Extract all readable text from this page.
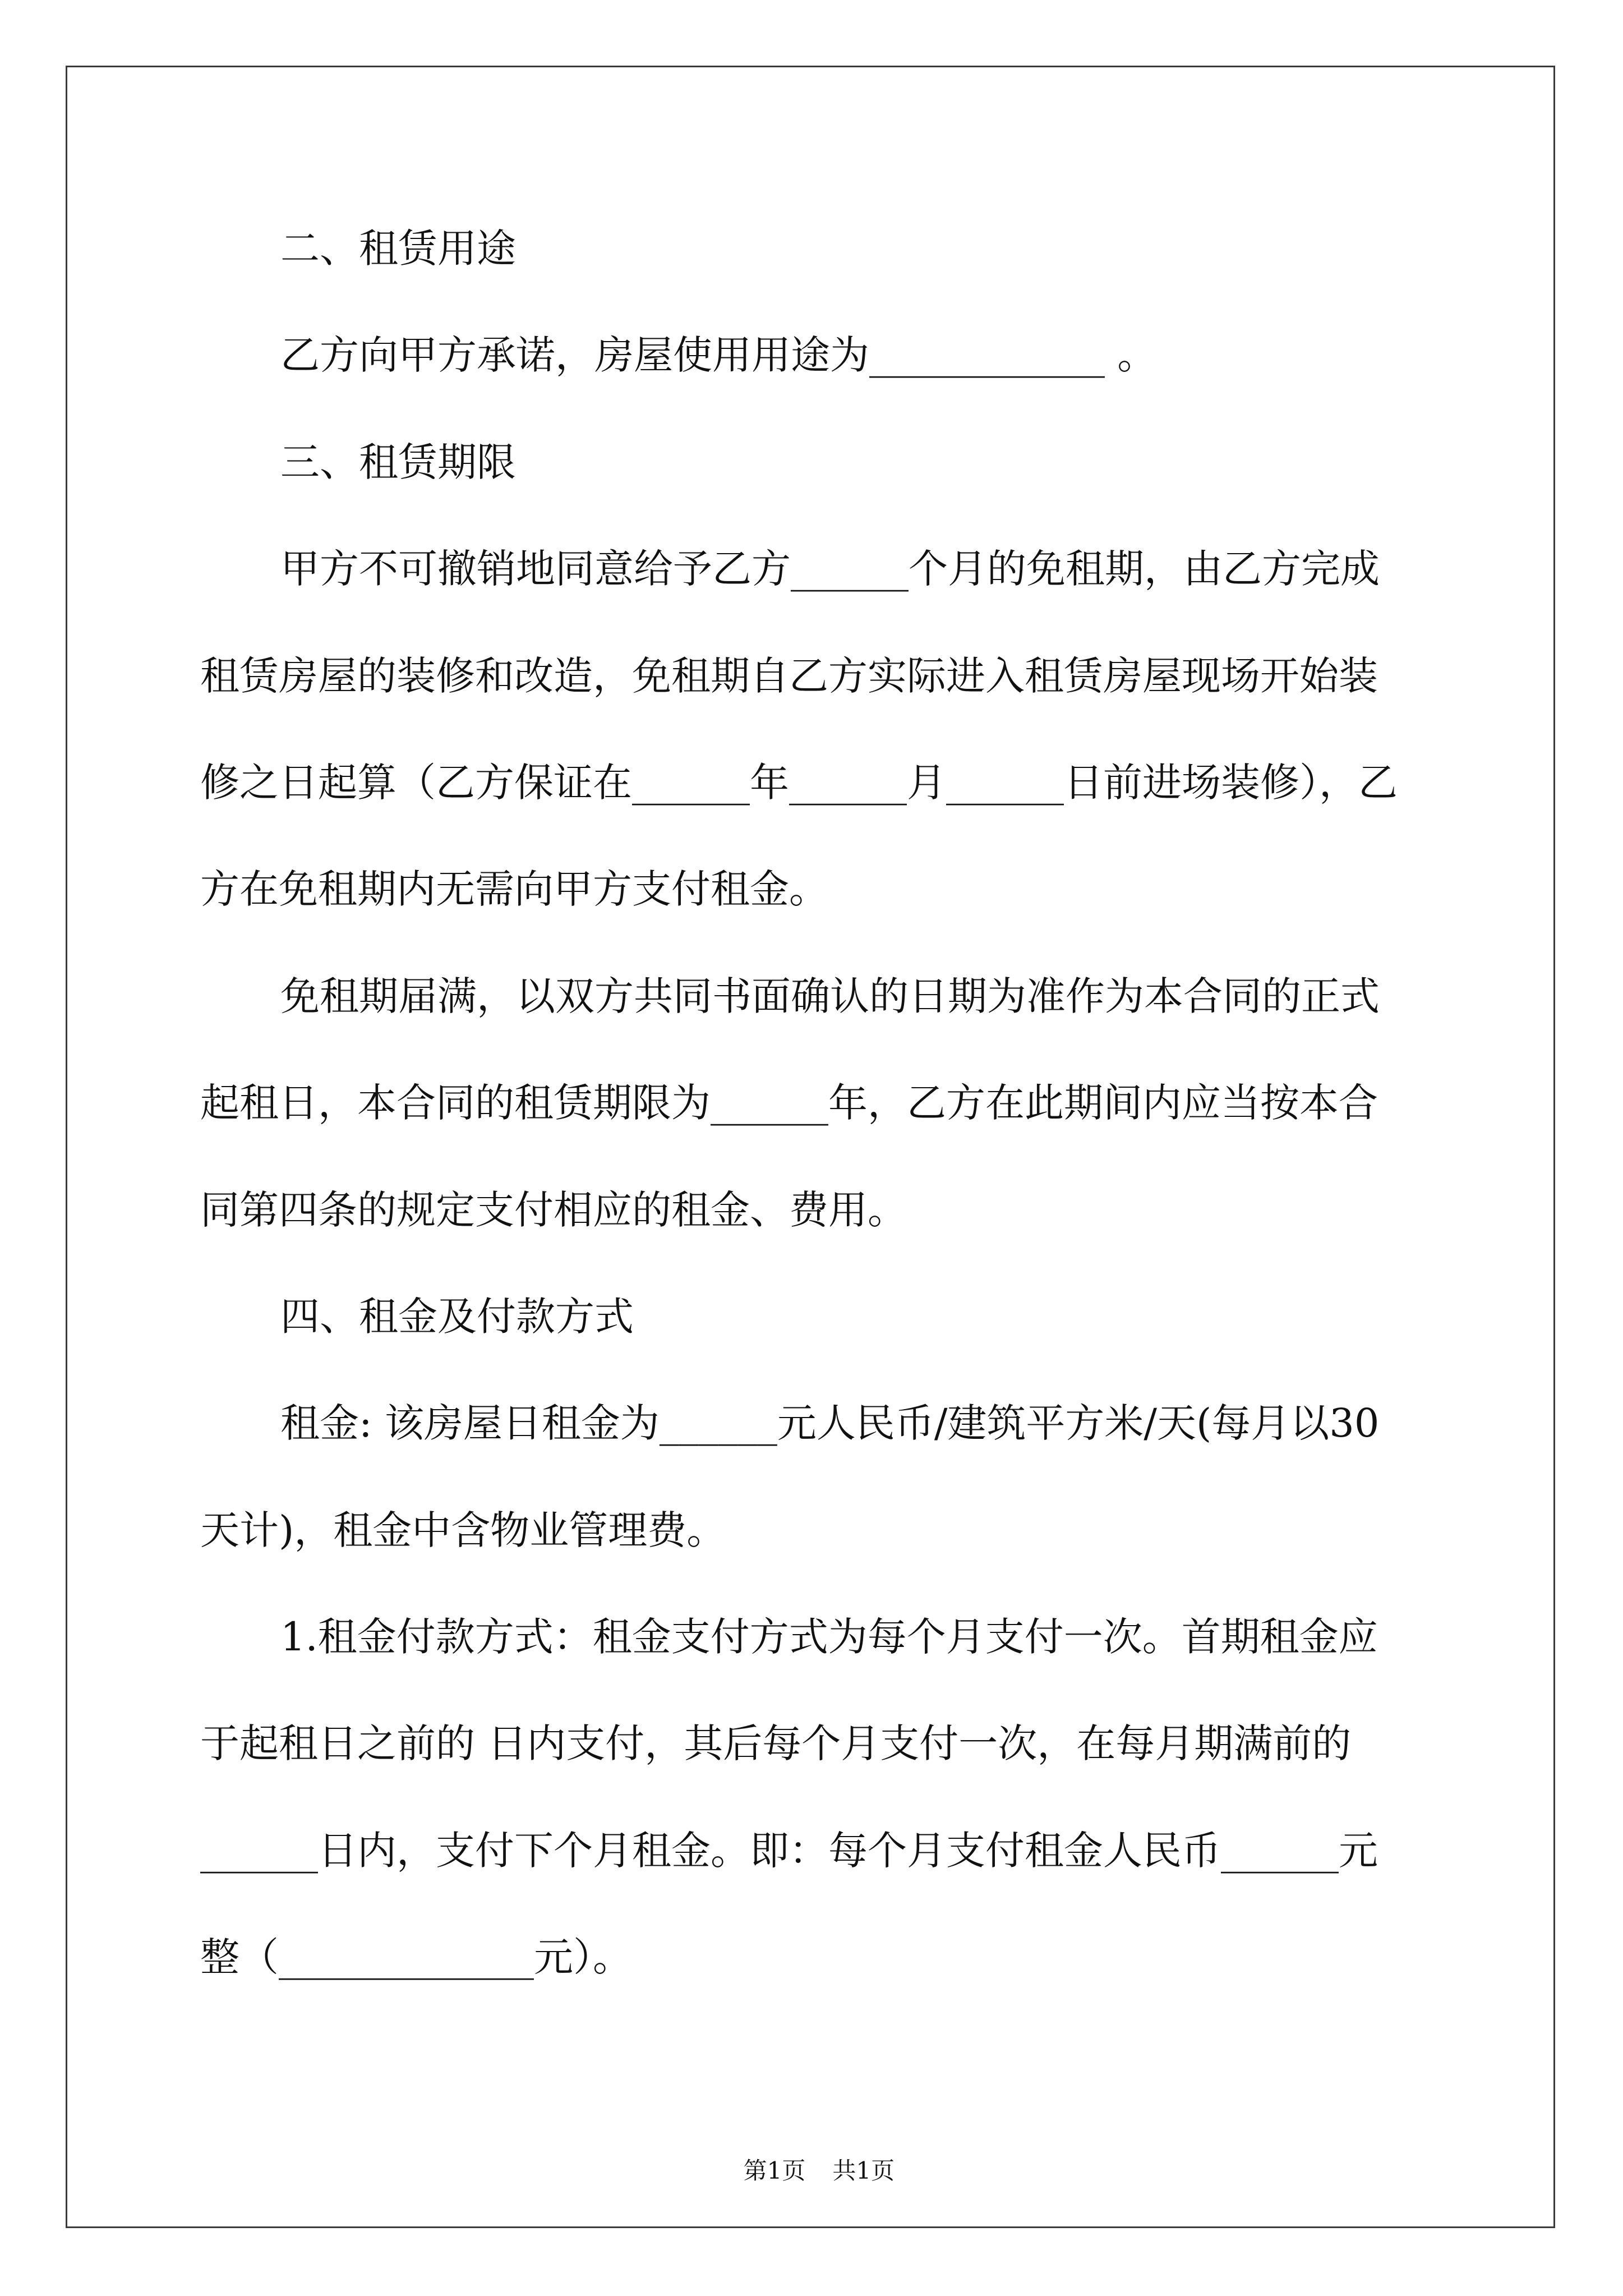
二、租赁用途
乙方向甲方承诺，房屋使用用途为____________ 。
三、租赁期限
甲方不可撤销地同意给予乙方______个月的免租期，由乙方完成
租赁房屋的装修和改造，免租期自乙方实际进入租赁房屋现场开始装
修之日起算（乙方保证在______年______月______日前进场装修），乙
方在免租期内无需向甲方支付租金。
免租期届满，以双方共同书面确认的日期为准作为本合同的正式
起租日，本合同的租赁期限为______年，乙方在此期间内应当按本合
同第四条的规定支付相应的租金、费用。
四、租金及付款方式
租金: 该房屋日租金为______元人民币/建筑平方米/天(每月以30
天计)，租金中含物业管理费。
1.租金付款方式：租金支付方式为每个月支付一次。首期租金应
于起租日之前的 日内支付，其后每个月支付一次，在每月期满前的
______日内，支付下个月租金。即：每个月支付租金人民币______元
整（_____________元）。

第1页 共1页
